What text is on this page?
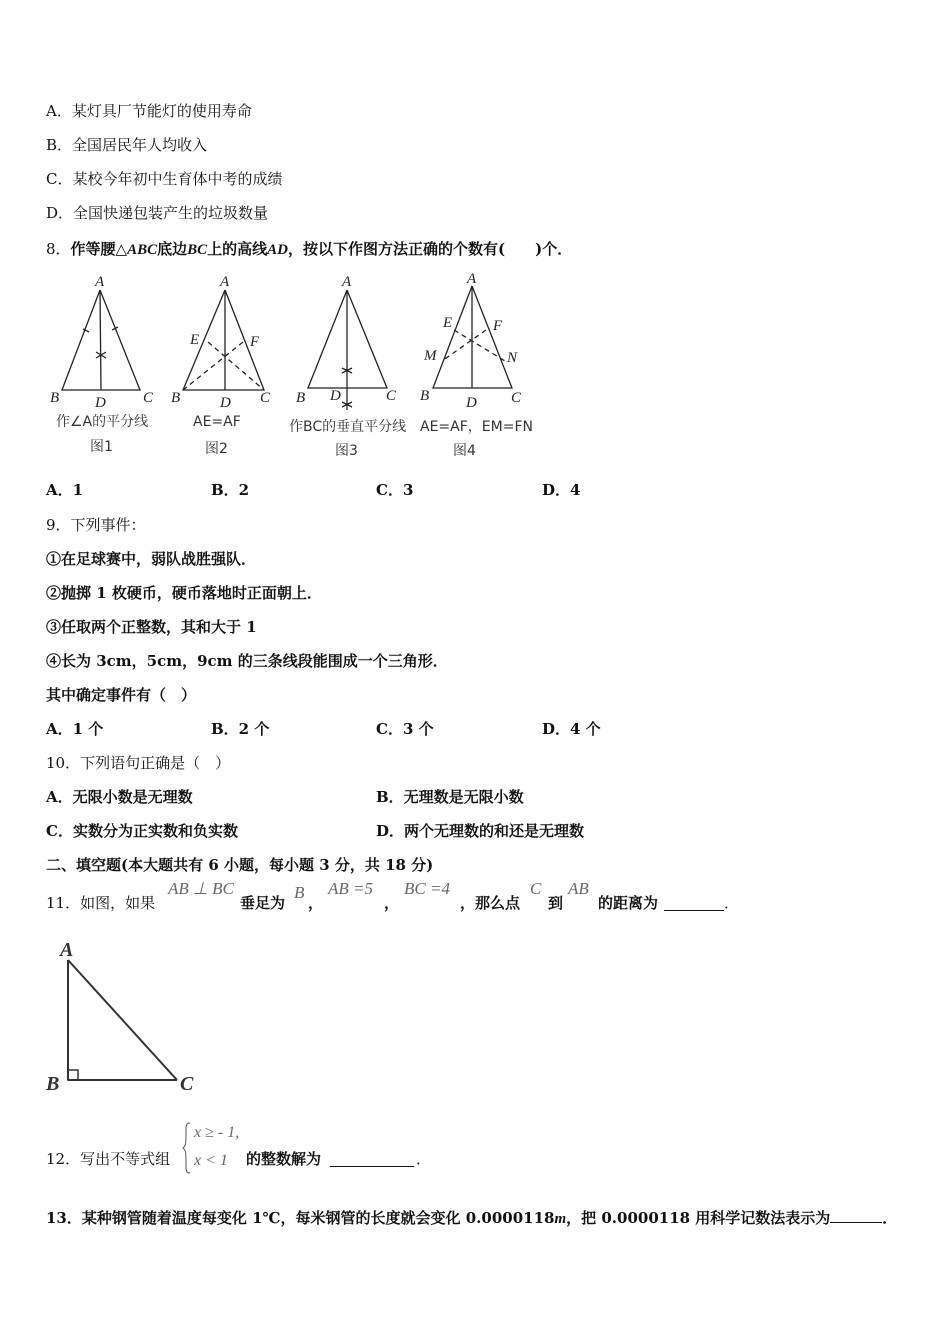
A．某灯具厂节能灯的使用寿命
B．全国居民年人均收入
C．某校今年初中生育体中考的成绩
D．全国快递包装产生的垃圾数量
8．作等腰△ABC底边BC上的高线AD，按以下作图方法正确的个数有(　　)个．
A
B D C
A
E	F
B	D C
A
B D	C
A
E	F
M	N
B D C
作∠A的平分线
图1
AE=AF
图2
作BC的垂直平分线
图3
AE=AF，EM=FN
图4
A．1	B．2	C．3	D．4
9．下列事件：
①在足球赛中，弱队战胜强队．
②抛掷 1 枚硬币，硬币落地时正面朝上．
③任取两个正整数，其和大于 1
④长为 3cm，5cm，9cm 的三条线段能围成一个三角形．
其中确定事件有（　）
A．1 个	B．2 个	C．3 个	D．4 个
10．下列语句正确是（　）
A．无限小数是无理数	B．无理数是无限小数
C．实数分为正实数和负实数	D．两个无理数的和还是无理数
二、填空题(本大题共有 6 小题，每小题 3 分，共 18 分)
11．如图，如果
AB ⊥ BC
垂足为
B
，
AB =5
，
BC =4
，那么点
C
到
AB
的距离为	．
A
B	C
12．写出不等式组
x ≥ - 1,
x < 1 的整数解为	．
13．某种钢管随着温度每变化 1℃，每米钢管的长度就会变化 0.0000118m，把 0.0000118 用科学记数法表示为	．
